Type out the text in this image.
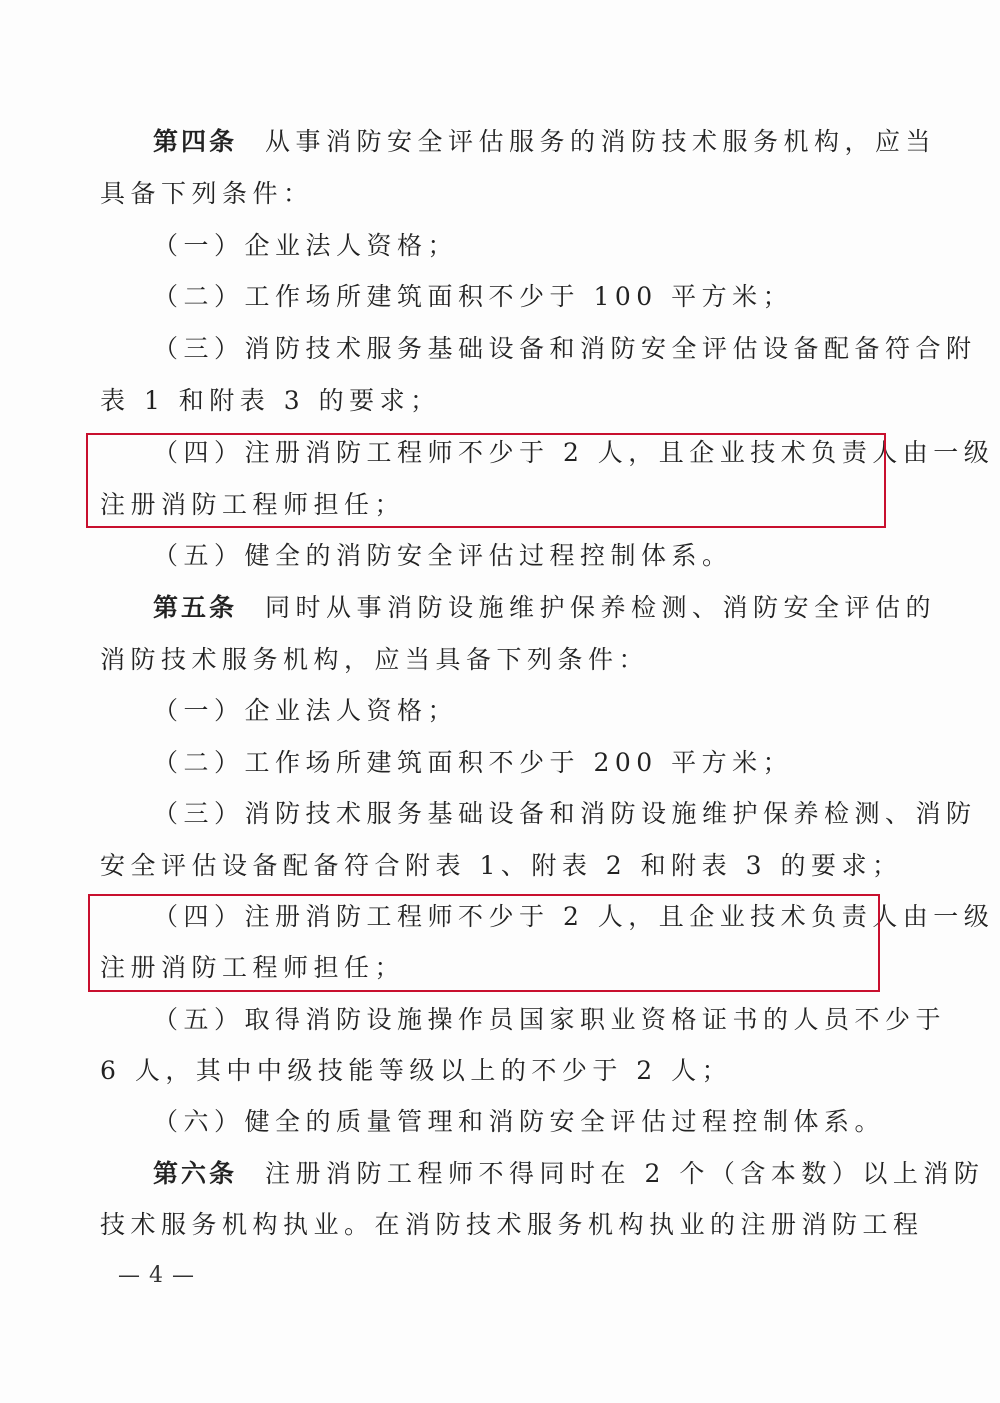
第四条 从事消防安全评估服务的消防技术服务机构，应当
具备下列条件：
（一）企业法人资格；
（二）工作场所建筑面积不少于 100 平方米；
（三）消防技术服务基础设备和消防安全评估设备配备符合附
表 1 和附表 3 的要求；
（四）注册消防工程师不少于 2 人，且企业技术负责人由一级
注册消防工程师担任；
（五）健全的消防安全评估过程控制体系。
第五条 同时从事消防设施维护保养检测、消防安全评估的
消防技术服务机构，应当具备下列条件：
（一）企业法人资格；
（二）工作场所建筑面积不少于 200 平方米；
（三）消防技术服务基础设备和消防设施维护保养检测、消防
安全评估设备配备符合附表 1、附表 2 和附表 3 的要求；
（四）注册消防工程师不少于 2 人，且企业技术负责人由一级
注册消防工程师担任；
（五）取得消防设施操作员国家职业资格证书的人员不少于
6 人，其中中级技能等级以上的不少于 2 人；
（六）健全的质量管理和消防安全评估过程控制体系。
第六条 注册消防工程师不得同时在 2 个（含本数）以上消防
技术服务机构执业。在消防技术服务机构执业的注册消防工程
— 4 —
